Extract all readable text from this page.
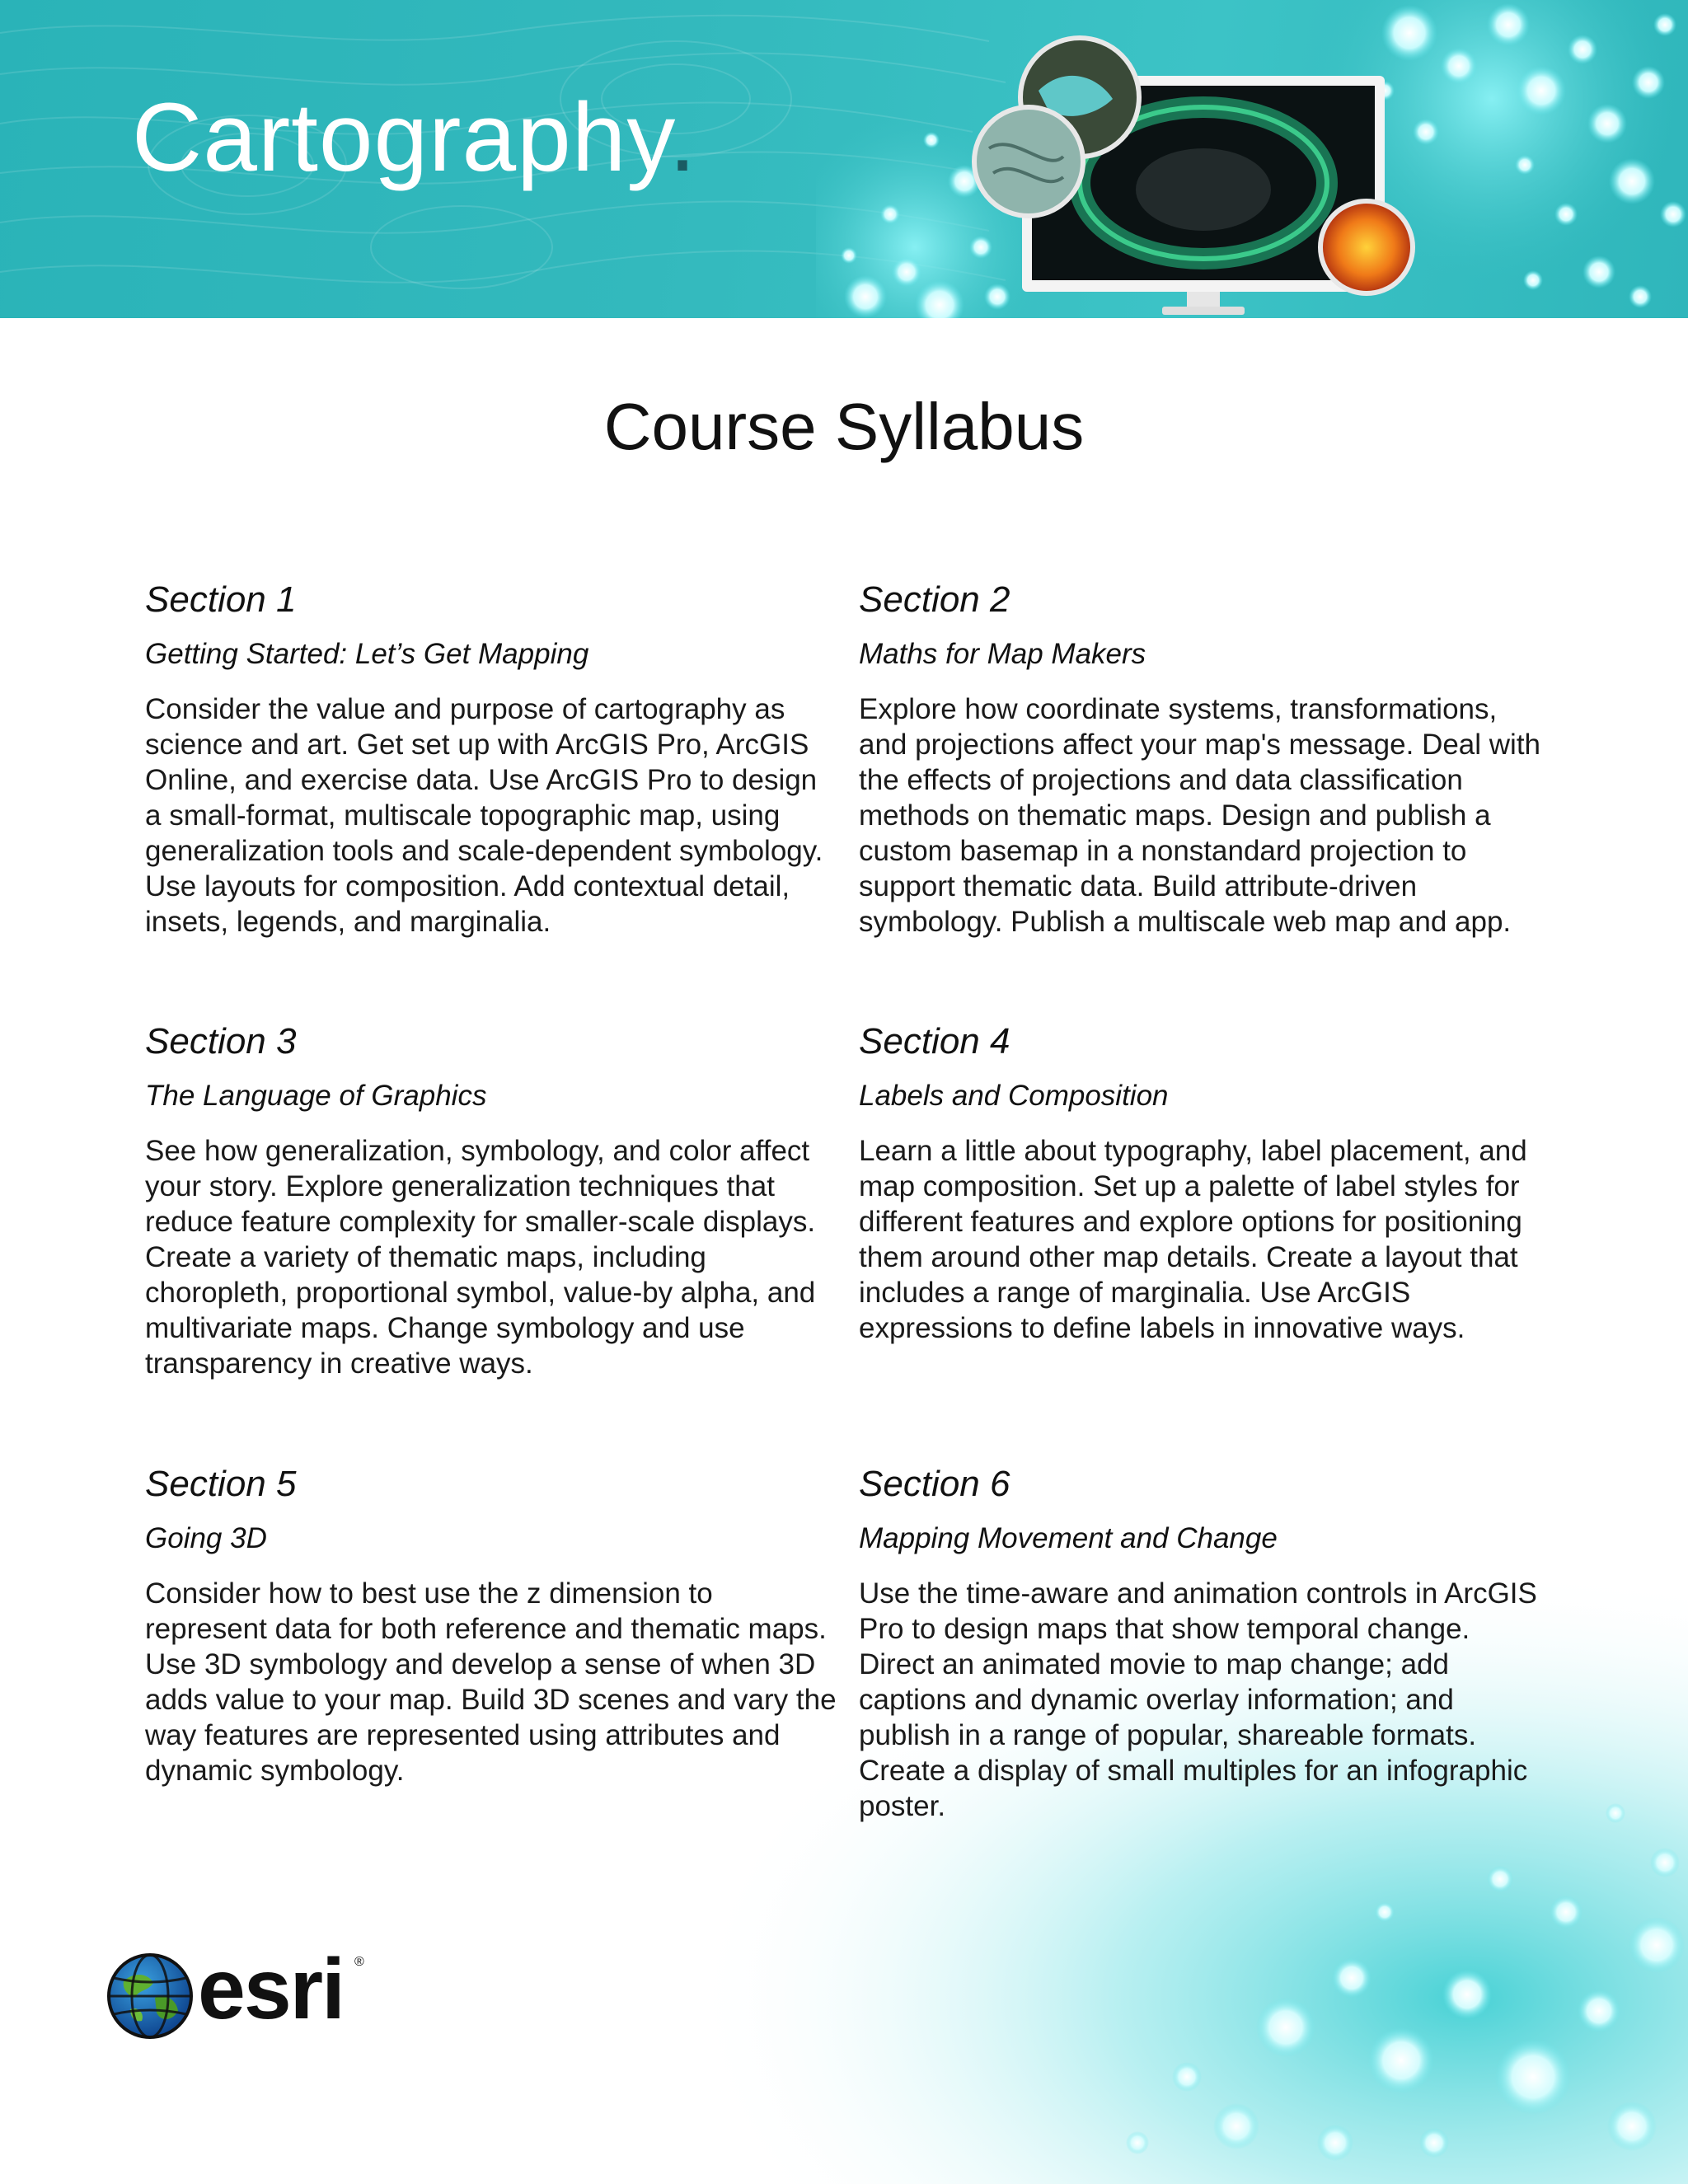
Cartography.
Course Syllabus
Section 1
Getting Started: Let’s Get Mapping

Consider the value and purpose of cartography as science and art. Get set up with ArcGIS Pro, ArcGIS Online, and exercise data. Use ArcGIS Pro to design a small-format, multiscale topographic map, using generalization tools and scale-dependent symbology. Use layouts for composition. Add contextual detail, insets, legends, and marginalia.

Section 2
Maths for Map Makers

Explore how coordinate systems, transformations, and projections affect your map's message. Deal with the effects of projections and data classification methods on thematic maps. Design and publish a custom basemap in a nonstandard projection to support thematic data. Build attribute-driven symbology. Publish a multiscale web map and app.

Section 3
The Language of Graphics

See how generalization, symbology, and color affect your story. Explore generalization techniques that reduce feature complexity for smaller-scale displays. Create a variety of thematic maps, including choropleth, proportional symbol, value-by alpha, and multivariate maps. Change symbology and use transparency in creative ways.

Section 4
Labels and Composition

Learn a little about typography, label placement, and map composition. Set up a palette of label styles for different features and explore options for positioning them around other map details. Create a layout that includes a range of marginalia. Use ArcGIS expressions to define labels in innovative ways.

Section 5
Going 3D

Consider how to best use the z dimension to represent data for both reference and thematic maps. Use 3D symbology and develop a sense of when 3D adds value to your map. Build 3D scenes and vary the way features are represented using attributes and dynamic symbology.

Section 6
Mapping Movement and Change

Use the time-aware and animation controls in ArcGIS Pro to design maps that show temporal change. Direct an animated movie to map change; add captions and dynamic overlay information; and publish in a range of popular, shareable formats. Create a display of small multiples for an infographic poster.

esri ®
